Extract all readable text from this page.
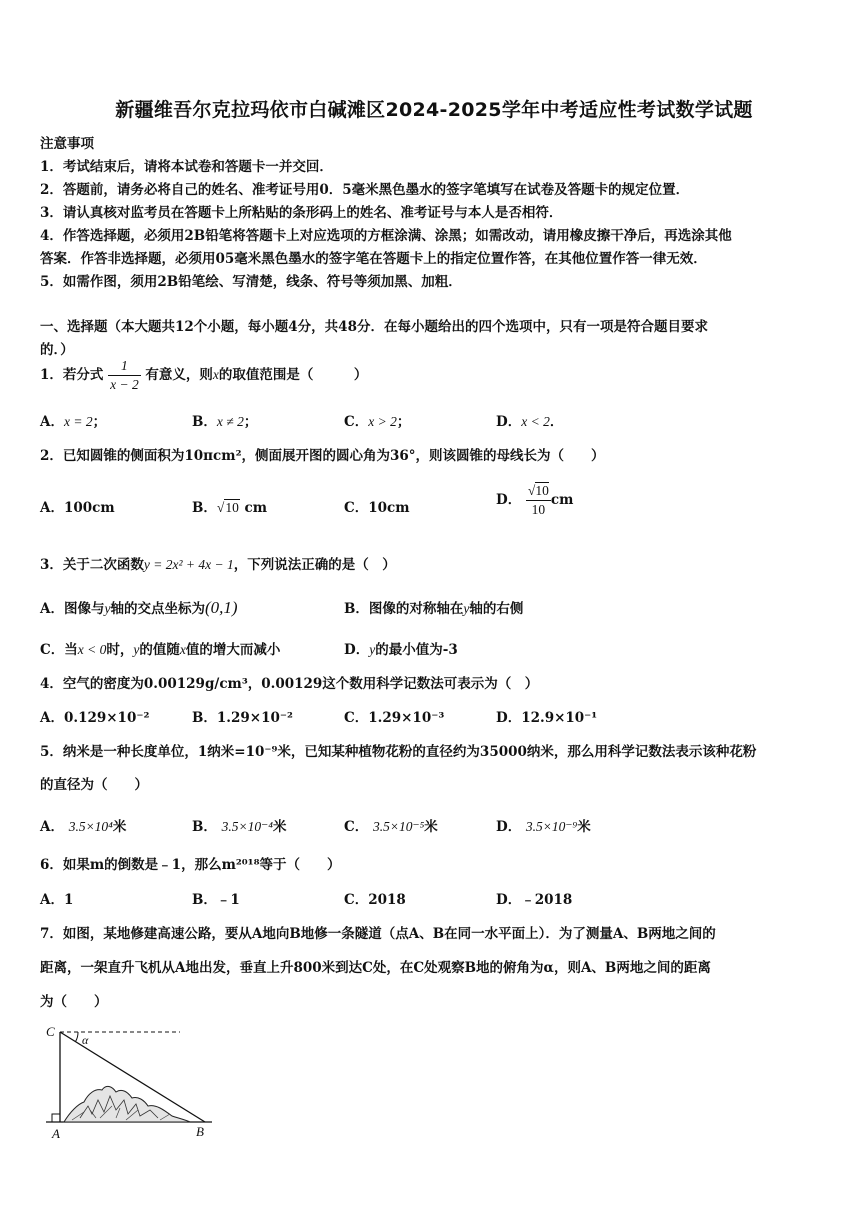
新疆维吾尔克拉玛依市白碱滩区2024-2025学年中考适应性考试数学试题
注意事项
1．考试结束后，请将本试卷和答题卡一并交回．
2．答题前，请务必将自己的姓名、准考证号用0．5毫米黑色墨水的签字笔填写在试卷及答题卡的规定位置．
3．请认真核对监考员在答题卡上所粘贴的条形码上的姓名、准考证号与本人是否相符．
4．作答选择题，必须用2B铅笔将答题卡上对应选项的方框涂满、涂黑；如需改动，请用橡皮擦干净后，再选涂其他
答案．作答非选择题，必须用05毫米黑色墨水的签字笔在答题卡上的指定位置作答，在其他位置作答一律无效．
5．如需作图，须用2B铅笔绘、写清楚，线条、符号等须加黑、加粗．
一、选择题（本大题共12个小题，每小题4分，共48分．在每小题给出的四个选项中，只有一项是符合题目要求
的．）
1．若分式 $\frac{1}{x - 2}$ 有意义，则x的取值范围是（　　　）
A．x = 2；	B．x ≠ 2；	C．x > 2；	D．x < 2．
2．已知圆锥的侧面积为10πcm²，侧面展开图的圆心角为36°，则该圆锥的母线长为（　　）
A．100cm	B．√10 cm	C．10cm	D． $\frac{√10}{10}$ cm
3．关于二次函数y = 2x² + 4x − 1，下列说法正确的是（　）
A．图像与y轴的交点坐标为(0,1)	B．图像的对称轴在y轴的右侧
C．当x < 0时，y的值随x值的增大而减小	D．y的最小值为-3
4．空气的密度为0.00129g/cm³，0.00129这个数用科学记数法可表示为（　）
A．0.129×10⁻²	B．1.29×10⁻²	C．1.29×10⁻³	D．12.9×10⁻¹
5．纳米是一种长度单位，1纳米=10⁻⁹米，已知某种植物花粉的直径约为35000纳米，那么用科学记数法表示该种花粉
的直径为（　　）
A． 3.5×10⁴米	B． 3.5×10⁻⁴米	C． 3.5×10⁻⁵米	D． 3.5×10⁻⁹米
6．如果m的倒数是﹣1，那么m²⁰¹⁸等于（　　）
A．1	B．﹣1	C．2018	D．﹣2018
7．如图，某地修建高速公路，要从A地向B地修一条隧道（点A、B在同一水平面上）．为了测量A、B两地之间的
距离，一架直升飞机从A地出发，垂直上升800米到达C处，在C处观察B地的俯角为α，则A、B两地之间的距离
为（　　）
C
α
A	B
